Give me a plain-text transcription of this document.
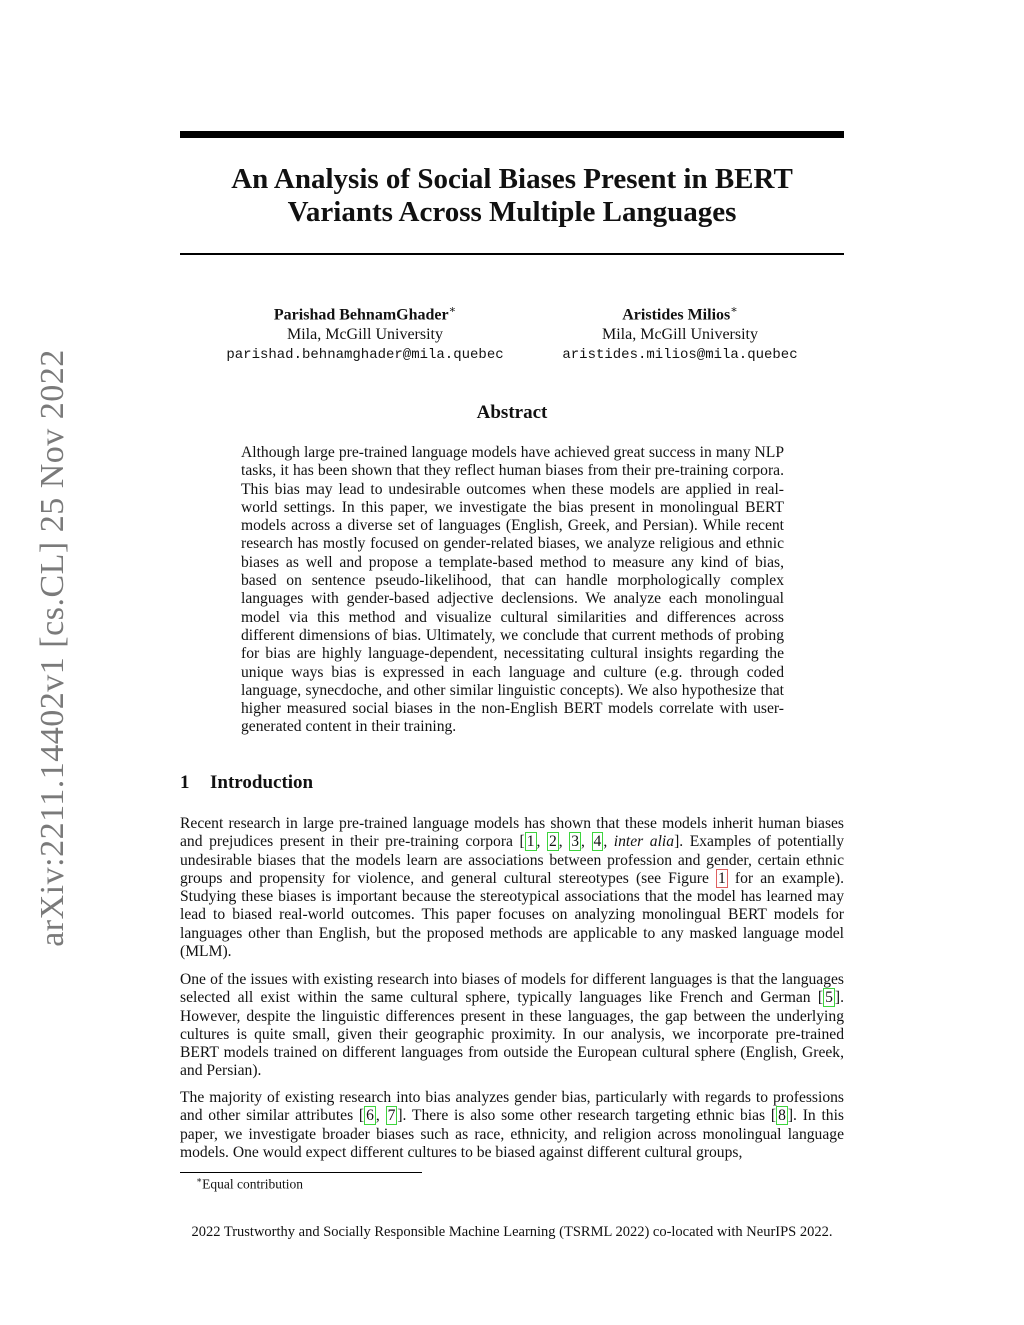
arXiv:2211.14402v1 [cs.CL] 25 Nov 2022
An Analysis of Social Biases Present in BERT
Variants Across Multiple Languages
Parishad BehnamGhader∗
Mila, McGill University
parishad.behnamghader@mila.quebec
Aristides Milios∗
Mila, McGill University
aristides.milios@mila.quebec
Abstract

Although large pre-trained language models have achieved great success in many NLP tasks, it has been shown that they reflect human biases from their pre-training corpora. This bias may lead to undesirable outcomes when these models are applied in real-world settings. In this paper, we investigate the bias present in monolingual BERT models across a diverse set of languages (English, Greek, and Persian). While recent research has mostly focused on gender-related biases, we analyze religious and ethnic biases as well and propose a template-based method to measure any kind of bias, based on sentence pseudo-likelihood, that can handle morphologically complex languages with gender-based adjective declensions. We analyze each monolingual model via this method and visualize cultural similarities and differences across different dimensions of bias. Ultimately, we conclude that current methods of probing for bias are highly language-dependent, necessitating cultural insights regarding the unique ways bias is expressed in each language and culture (e.g. through coded language, synecdoche, and other similar linguistic concepts). We also hypothesize that higher measured social biases in the non-English BERT models correlate with user-generated content in their training.

1 Introduction

Recent research in large pre-trained language models has shown that these models inherit human biases and prejudices present in their pre-training corpora [ 1 , 2 , 3 , 4 , inter alia]. Examples of potentially undesirable biases that the models learn are associations between profession and gender, certain ethnic groups and propensity for violence, and general cultural stereotypes (see Figure 1 for an example). Studying these biases is important because the stereotypical associations that the model has learned may lead to biased real-world outcomes. This paper focuses on analyzing monolingual BERT models for languages other than English, but the proposed methods are applicable to any masked language model (MLM).

One of the issues with existing research into biases of models for different languages is that the languages selected all exist within the same cultural sphere, typically languages like French and German [ 5 ]. However, despite the linguistic differences present in these languages, the gap between the underlying cultures is quite small, given their geographic proximity. In our analysis, we incorporate pre-trained BERT models trained on different languages from outside the European cultural sphere (English, Greek, and Persian).

The majority of existing research into bias analyzes gender bias, particularly with regards to professions and other similar attributes [ 6 , 7 ]. There is also some other research targeting ethnic bias [ 8 ]. In this paper, we investigate broader biases such as race, ethnicity, and religion across monolingual language models. One would expect different cultures to be biased against different cultural groups,

∗Equal contribution
2022 Trustworthy and Socially Responsible Machine Learning (TSRML 2022) co-located with NeurIPS 2022.
